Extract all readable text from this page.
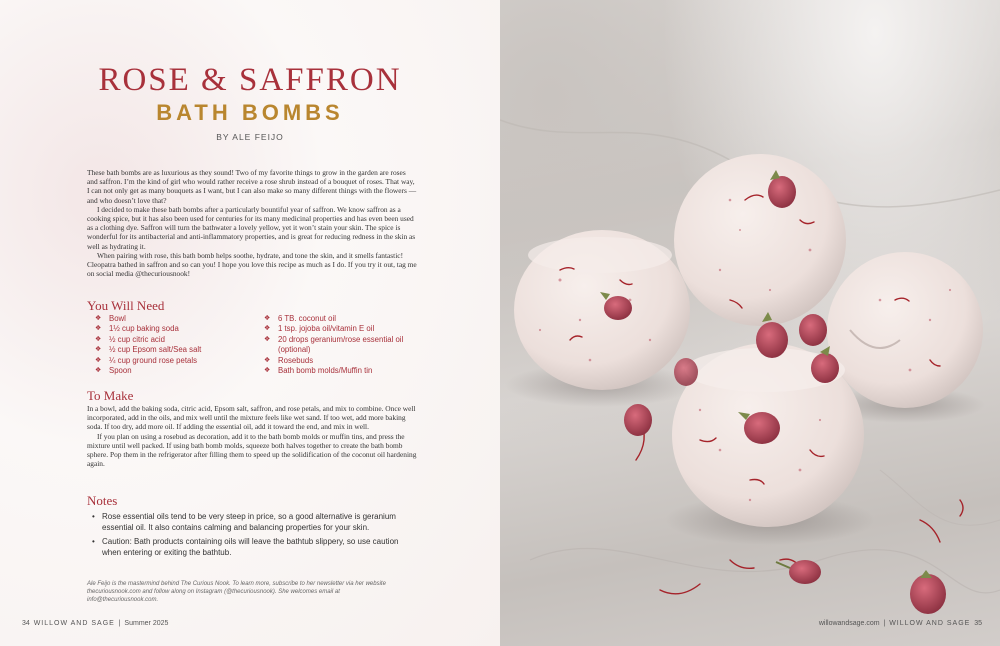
ROSE & SAFFRON
BATH BOMBS
BY ALE FEIJO

These bath bombs are as luxurious as they sound! Two of my favorite things to grow in the garden are roses and saffron. I’m the kind of girl who would rather receive a rose shrub instead of a bouquet of roses. That way, I can not only get as many bouquets as I want, but I can also make so many different things with the flowers — and who doesn’t love that?

I decided to make these bath bombs after a particularly bountiful year of saffron. We know saffron as a cooking spice, but it has also been used for centuries for its many medicinal properties and has even been used as a clothing dye. Saffron will turn the bathwater a lovely yellow, yet it won’t stain your skin. The spice is wonderful for its antibacterial and anti-inflammatory properties, and is great for reducing redness in the skin as well as hydrating it.

When pairing with rose, this bath bomb helps soothe, hydrate, and tone the skin, and it smells fantastic! Cleopatra bathed in saffron and so can you! I hope you love this recipe as much as I do. If you try it out, tag me on social media @thecuriousnook!

You Will Need
❖ Bowl
❖ 1½ cup baking soda
❖ ½ cup citric acid
❖ ½ cup Epsom salt/Sea salt
❖ ¼ cup ground rose petals
❖ Spoon
❖ 6 TB. coconut oil
❖ 1 tsp. jojoba oil/vitamin E oil
❖ 20 drops geranium/rose essential oil (optional)
❖ Rosebuds
❖ Bath bomb molds/Muffin tin
To Make

In a bowl, add the baking soda, citric acid, Epsom salt, saffron, and rose petals, and mix to combine. Once well incorporated, add in the oils, and mix well until the mixture feels like wet sand. If too wet, add more baking soda. If too dry, add more oil. If adding the essential oil, add it toward the end, and mix in well.

If you plan on using a rosebud as decoration, add it to the bath bomb molds or muffin tins, and press the mixture until well packed. If using bath bomb molds, squeeze both halves together to create the bath bomb sphere. Pop them in the refrigerator after filling them to speed up the solidification of the coconut oil hardening again.

Notes
• Rose essential oils tend to be very steep in price, so a good alternative is geranium essential oil. It also contains calming and balancing properties for your skin.
• Caution: Bath products containing oils will leave the bathtub slippery, so use caution when entering or exiting the bathtub.
Ale Feijo is the mastermind behind The Curious Nook. To learn more, subscribe to her newsletter via her website thecuriousnook.com and follow along on Instagram (@thecuriousnook). She welcomes email at info@thecuriousnook.com.
34 WILLOW AND SAGE  |  Summer 2025	willowandsage.com  |  WILLOW AND SAGE 35
